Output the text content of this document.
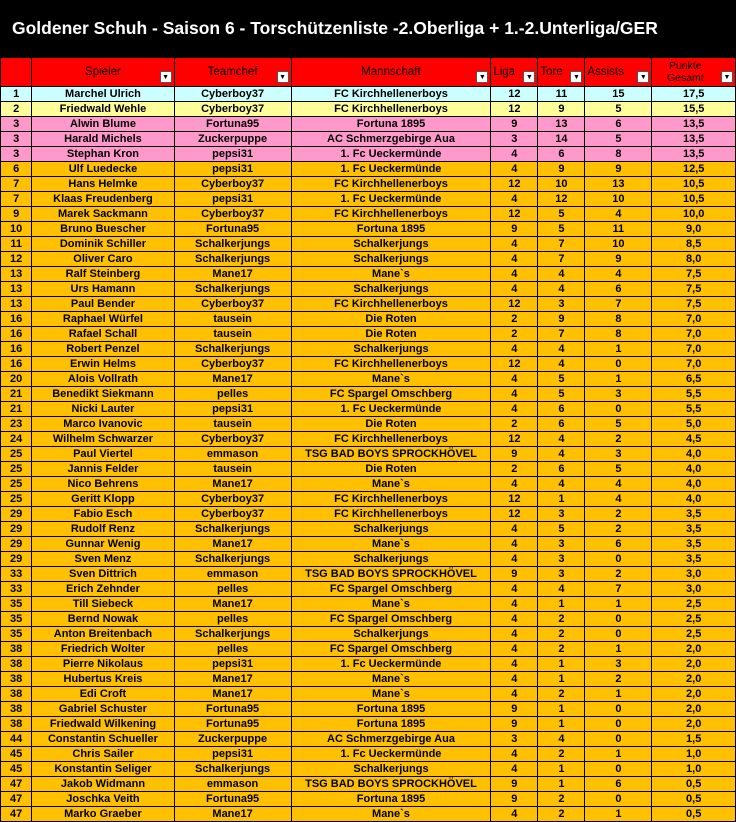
Goldener Schuh - Saison 6 - Torschützenliste -2.Oberliga + 1.-2.Unterliga/GER
	Spieler ▼	Teamchef ▼	Mannschaft ▼	Liga ▼	Tore ▼	Assists ▼	Punkte Gesamt ▼

1	Marchel Ulrich	Cyberboy37	FC Kirchhellenerboys	12	11	15	17,5
2	Friedwald Wehle	Cyberboy37	FC Kirchhellenerboys	12	9	5	15,5
3	Alwin Blume	Fortuna95	Fortuna 1895	9	13	6	13,5
3	Harald Michels	Zuckerpuppe	AC Schmerzgebirge Aua	3	14	5	13,5
3	Stephan Kron	pepsi31	1. Fc Ueckermünde	4	6	8	13,5
6	Ulf Luedecke	pepsi31	1. Fc Ueckermünde	4	9	9	12,5
7	Hans Helmke	Cyberboy37	FC Kirchhellenerboys	12	10	13	10,5
7	Klaas Freudenberg	pepsi31	1. Fc Ueckermünde	4	12	10	10,5
9	Marek Sackmann	Cyberboy37	FC Kirchhellenerboys	12	5	4	10,0
10	Bruno Buescher	Fortuna95	Fortuna 1895	9	5	11	9,0
11	Dominik Schiller	Schalkerjungs	Schalkerjungs	4	7	10	8,5
12	Oliver Caro	Schalkerjungs	Schalkerjungs	4	7	9	8,0
13	Ralf Steinberg	Mane17	Mane`s	4	4	4	7,5
13	Urs Hamann	Schalkerjungs	Schalkerjungs	4	4	6	7,5
13	Paul Bender	Cyberboy37	FC Kirchhellenerboys	12	3	7	7,5
16	Raphael Würfel	tausein	Die Roten	2	9	8	7,0
16	Rafael Schall	tausein	Die Roten	2	7	8	7,0
16	Robert Penzel	Schalkerjungs	Schalkerjungs	4	4	1	7,0
16	Erwin Helms	Cyberboy37	FC Kirchhellenerboys	12	4	0	7,0
20	Alois Vollrath	Mane17	Mane`s	4	5	1	6,5
21	Benedikt Siekmann	pelles	FC Spargel Omschberg	4	5	3	5,5
21	Nicki Lauter	pepsi31	1. Fc Ueckermünde	4	6	0	5,5
23	Marco Ivanovic	tausein	Die Roten	2	6	5	5,0
24	Wilhelm Schwarzer	Cyberboy37	FC Kirchhellenerboys	12	4	2	4,5
25	Paul Viertel	emmason	TSG BAD BOYS SPROCKHÖVEL	9	4	3	4,0
25	Jannis Felder	tausein	Die Roten	2	6	5	4,0
25	Nico Behrens	Mane17	Mane`s	4	4	4	4,0
25	Geritt Klopp	Cyberboy37	FC Kirchhellenerboys	12	1	4	4,0
29	Fabio Esch	Cyberboy37	FC Kirchhellenerboys	12	3	2	3,5
29	Rudolf Renz	Schalkerjungs	Schalkerjungs	4	5	2	3,5
29	Gunnar Wenig	Mane17	Mane`s	4	3	6	3,5
29	Sven Menz	Schalkerjungs	Schalkerjungs	4	3	0	3,5
33	Sven Dittrich	emmason	TSG BAD BOYS SPROCKHÖVEL	9	3	2	3,0
33	Erich Zehnder	pelles	FC Spargel Omschberg	4	4	7	3,0
35	Till Siebeck	Mane17	Mane`s	4	1	1	2,5
35	Bernd Nowak	pelles	FC Spargel Omschberg	4	2	0	2,5
35	Anton Breitenbach	Schalkerjungs	Schalkerjungs	4	2	0	2,5
38	Friedrich Wolter	pelles	FC Spargel Omschberg	4	2	1	2,0
38	Pierre Nikolaus	pepsi31	1. Fc Ueckermünde	4	1	3	2,0
38	Hubertus Kreis	Mane17	Mane`s	4	1	2	2,0
38	Edi Croft	Mane17	Mane`s	4	2	1	2,0
38	Gabriel Schuster	Fortuna95	Fortuna 1895	9	1	0	2,0
38	Friedwald Wilkening	Fortuna95	Fortuna 1895	9	1	0	2,0
44	Constantin Schueller	Zuckerpuppe	AC Schmerzgebirge Aua	3	4	0	1,5
45	Chris Sailer	pepsi31	1. Fc Ueckermünde	4	2	1	1,0
45	Konstantin Seliger	Schalkerjungs	Schalkerjungs	4	1	0	1,0
47	Jakob Widmann	emmason	TSG BAD BOYS SPROCKHÖVEL	9	1	6	0,5
47	Joschka Veith	Fortuna95	Fortuna 1895	9	2	0	0,5
47	Marko Graeber	Mane17	Mane`s	4	2	1	0,5
